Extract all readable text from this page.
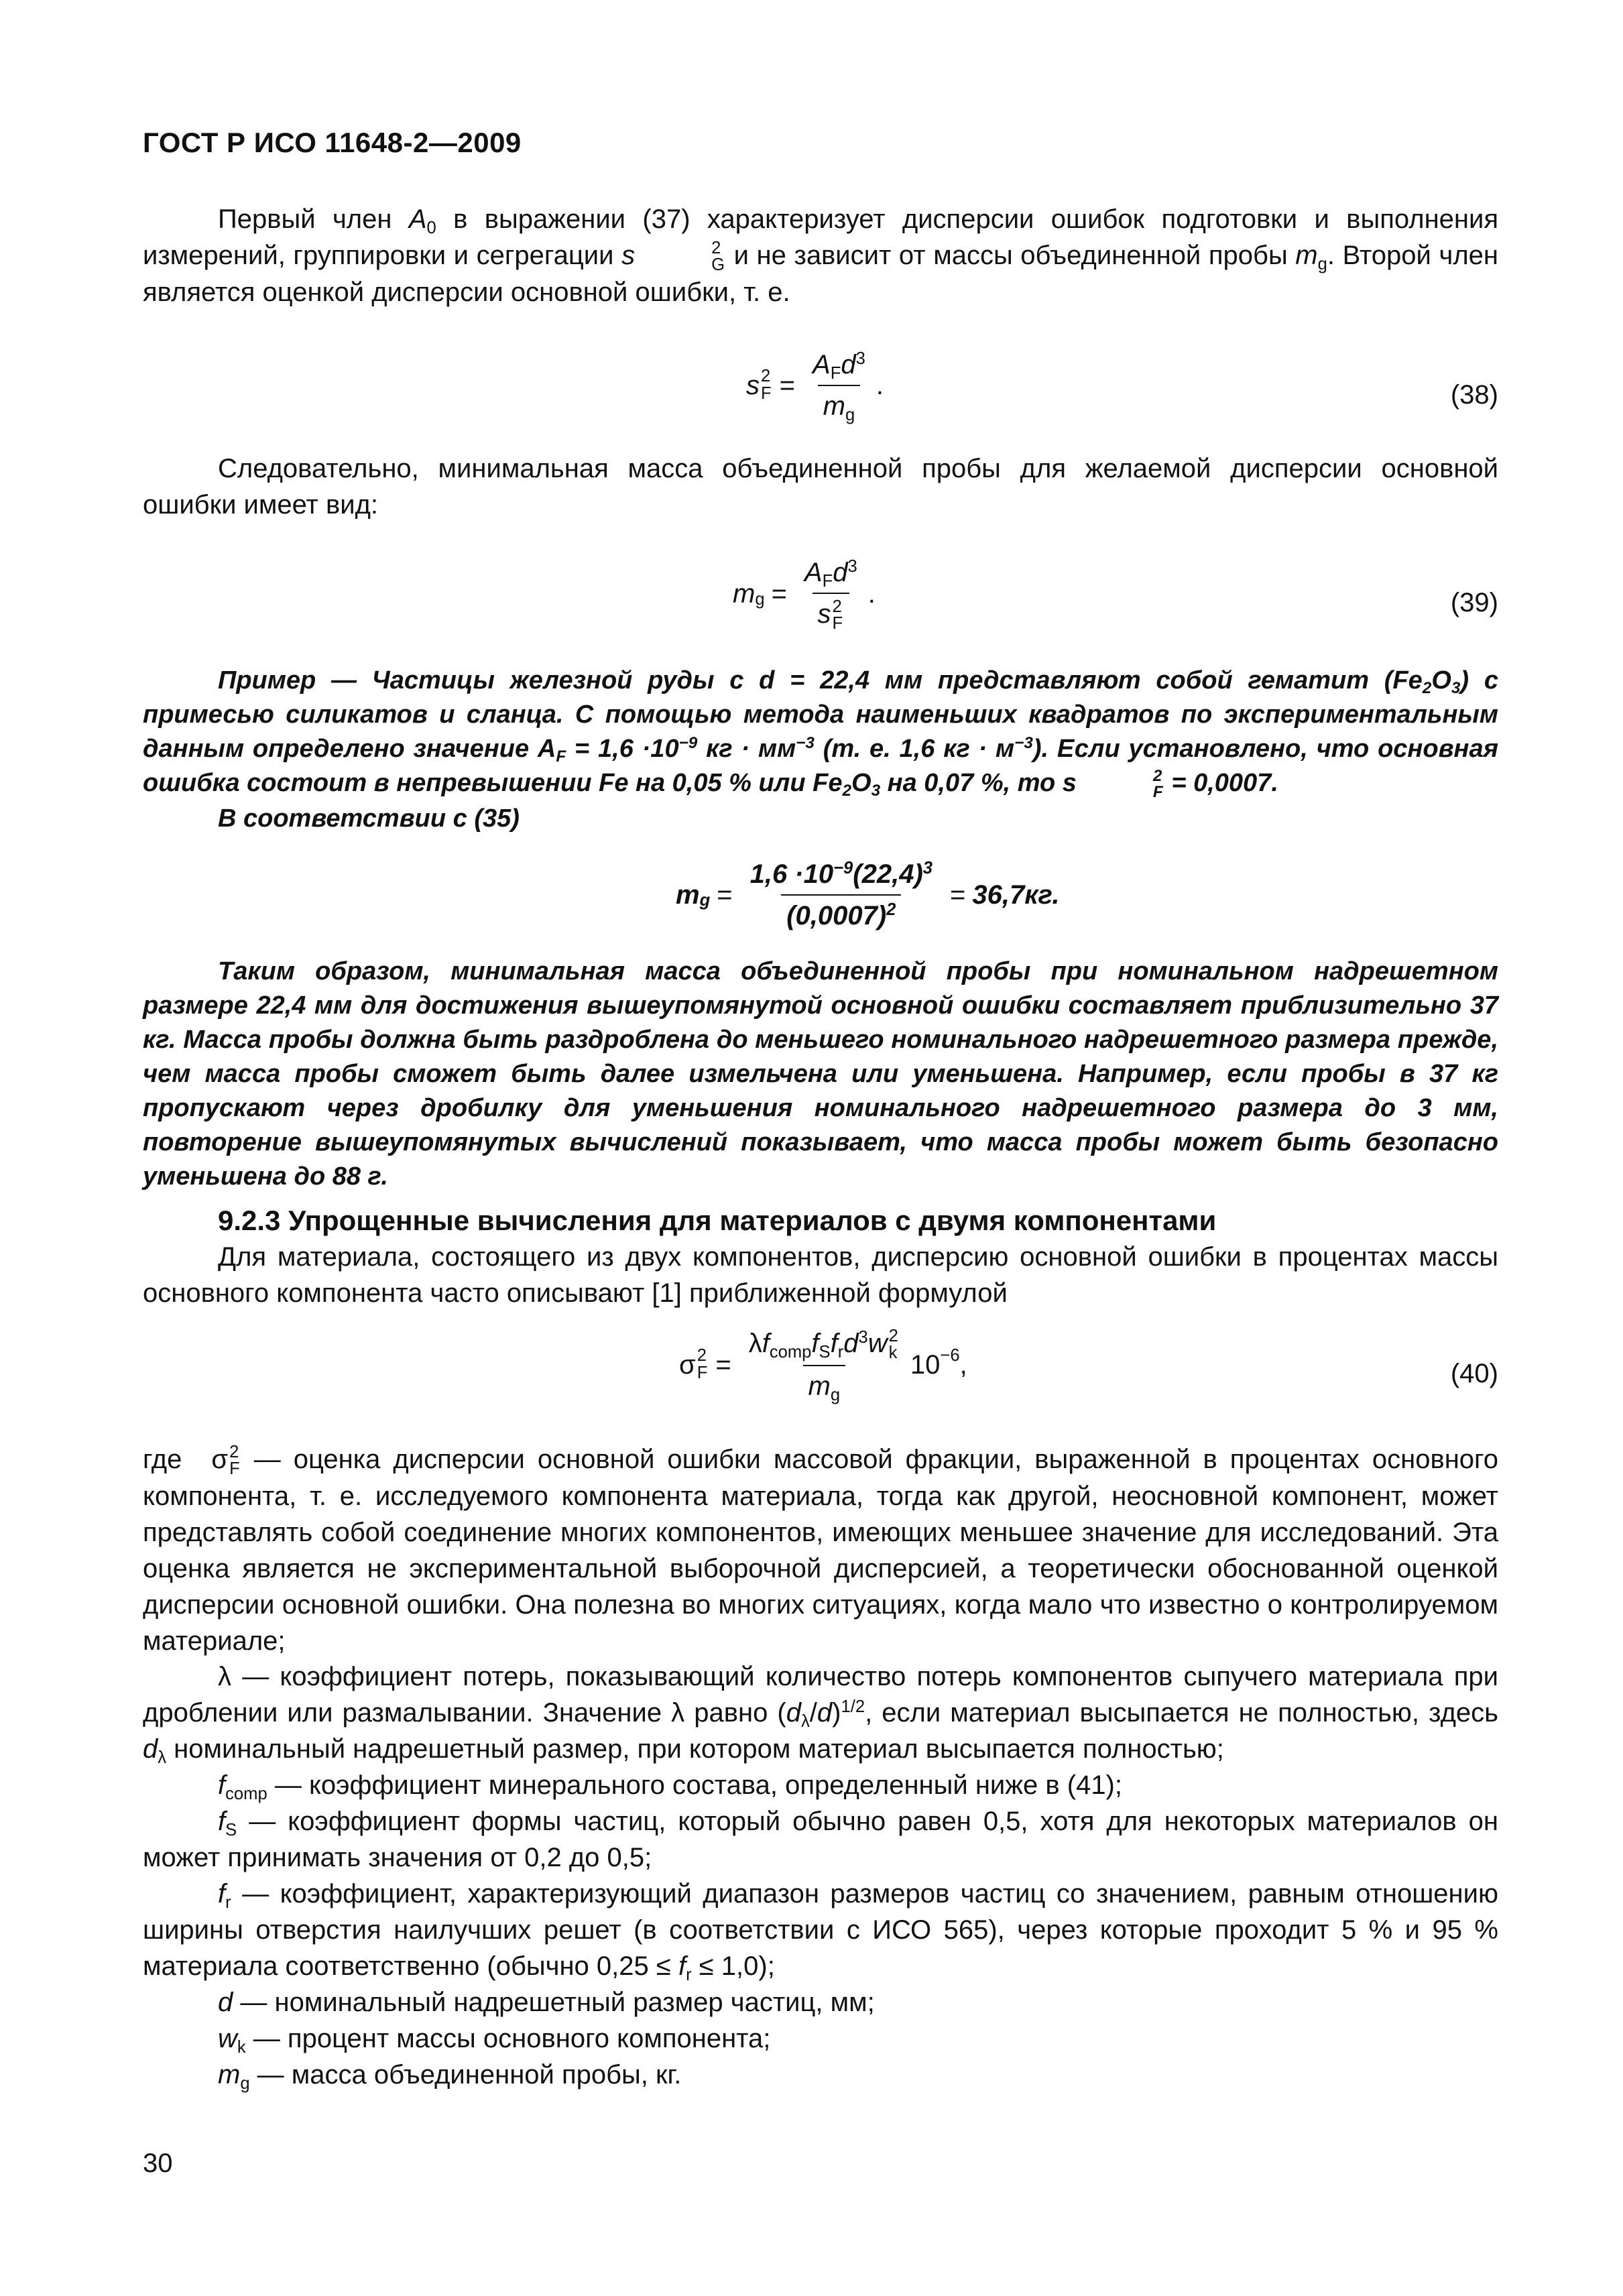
ГОСТ Р ИСО 11648-2—2009

Первый член $A_0$ в выражении (37) характеризует дисперсии ошибок подготовки и выполнения измерений, группировки и сегрегации s	2
G и не зависит от массы объединенной пробы $m_g$. Второй член является оценкой дисперсии основной ошибки, т. е.

s 2
$F = \frac{A_Fd^3}{m_g}$ .	(38)

Следовательно, минимальная масса объединенной пробы для желаемой дисперсии основной ошибки имеет вид:

$m_g = A_Fd^3$
s 2
F .	(39)

Пример — Частицы железной руды с d = 22,4 мм представляют собой гематит $(Fe_2O_3)$ с примесью силикатов и сланца. С помощью метода наименьших квадратов по экспериментальным данным определено значение $A_F = 1,6 \cdot 10^{-9}$ кг · $мм^{-3}$ (т. е. 1,6 кг · $м^{-3}$). Если установлено, что основная ошибка состоит в непревышении Fe на 0,05 % или $Fe_2O_3$ на 0,07 %, то s	2
F = 0,0007.

В соответствии с (35)

$m_g = \frac{1,6 \cdot 10^{-9}(22,4)^3}{(0,0007)^2} = 36,7кг$.

Таким образом, минимальная масса объединенной пробы при номинальном надрешетном размере 22,4 мм для достижения вышеупомянутой основной ошибки составляет приблизительно 37 кг. Масса пробы должна быть раздроблена до меньшего номинального надрешетного размера прежде, чем масса пробы сможет быть далее измельчена или уменьшена. Например, если пробы в 37 кг пропускают через дробилку для уменьшения номинального надрешетного размера до 3 мм, повторение вышеупомянутых вычислений показывает, что масса пробы может быть безопасно уменьшена до 88 г.

9.2.3 Упрощенные вычисления для материалов с двумя компонентами

Для материала, состоящего из двух компонентов, дисперсию основной ошибки в процентах массы основного компонента часто описывают [1] приближенной формулой

σ 2
$F = \lambda f_{comp}f_Sf_rd^3w$ 2
k
$m_g$ $10^{-6}$ ,	(40)

где σ 2
F — оценка дисперсии основной ошибки массовой фракции, выраженной в процентах основного компонента, т. е. исследуемого компонента материала, тогда как другой, неосновной компонент, может представлять собой соединение многих компонентов, имеющих меньшее значение для исследований. Эта оценка является не экспериментальной выборочной дисперсией, а теоретически обоснованной оценкой дисперсии основной ошибки. Она полезна во многих ситуациях, когда мало что известно о контролируемом материале;

λ — коэффициент потерь, показывающий количество потерь компонентов сыпучего материала при дроблении или размалывании. Значение λ равно $(d_\lambda/d)^{1/2}$, если материал высыпается не полностью, здесь $d_\lambda$ номинальный надрешетный размер, при котором материал высыпается полностью;

$f_{comp}$ — коэффициент минерального состава, определенный ниже в (41);

$f_S$ — коэффициент формы частиц, который обычно равен 0,5, хотя для некоторых материалов он может принимать значения от 0,2 до 0,5;

$f_r$ — коэффициент, характеризующий диапазон размеров частиц со значением, равным отношению ширины отверстия наилучших решет (в соответствии с ИСО 565), через которые проходит 5 % и 95 % материала соответственно (обычно $0,25 \le f_r \le 1,0$);

d — номинальный надрешетный размер частиц, мм;

$w_k$ — процент массы основного компонента;

$m_g$ — масса объединенной пробы, кг.

30
